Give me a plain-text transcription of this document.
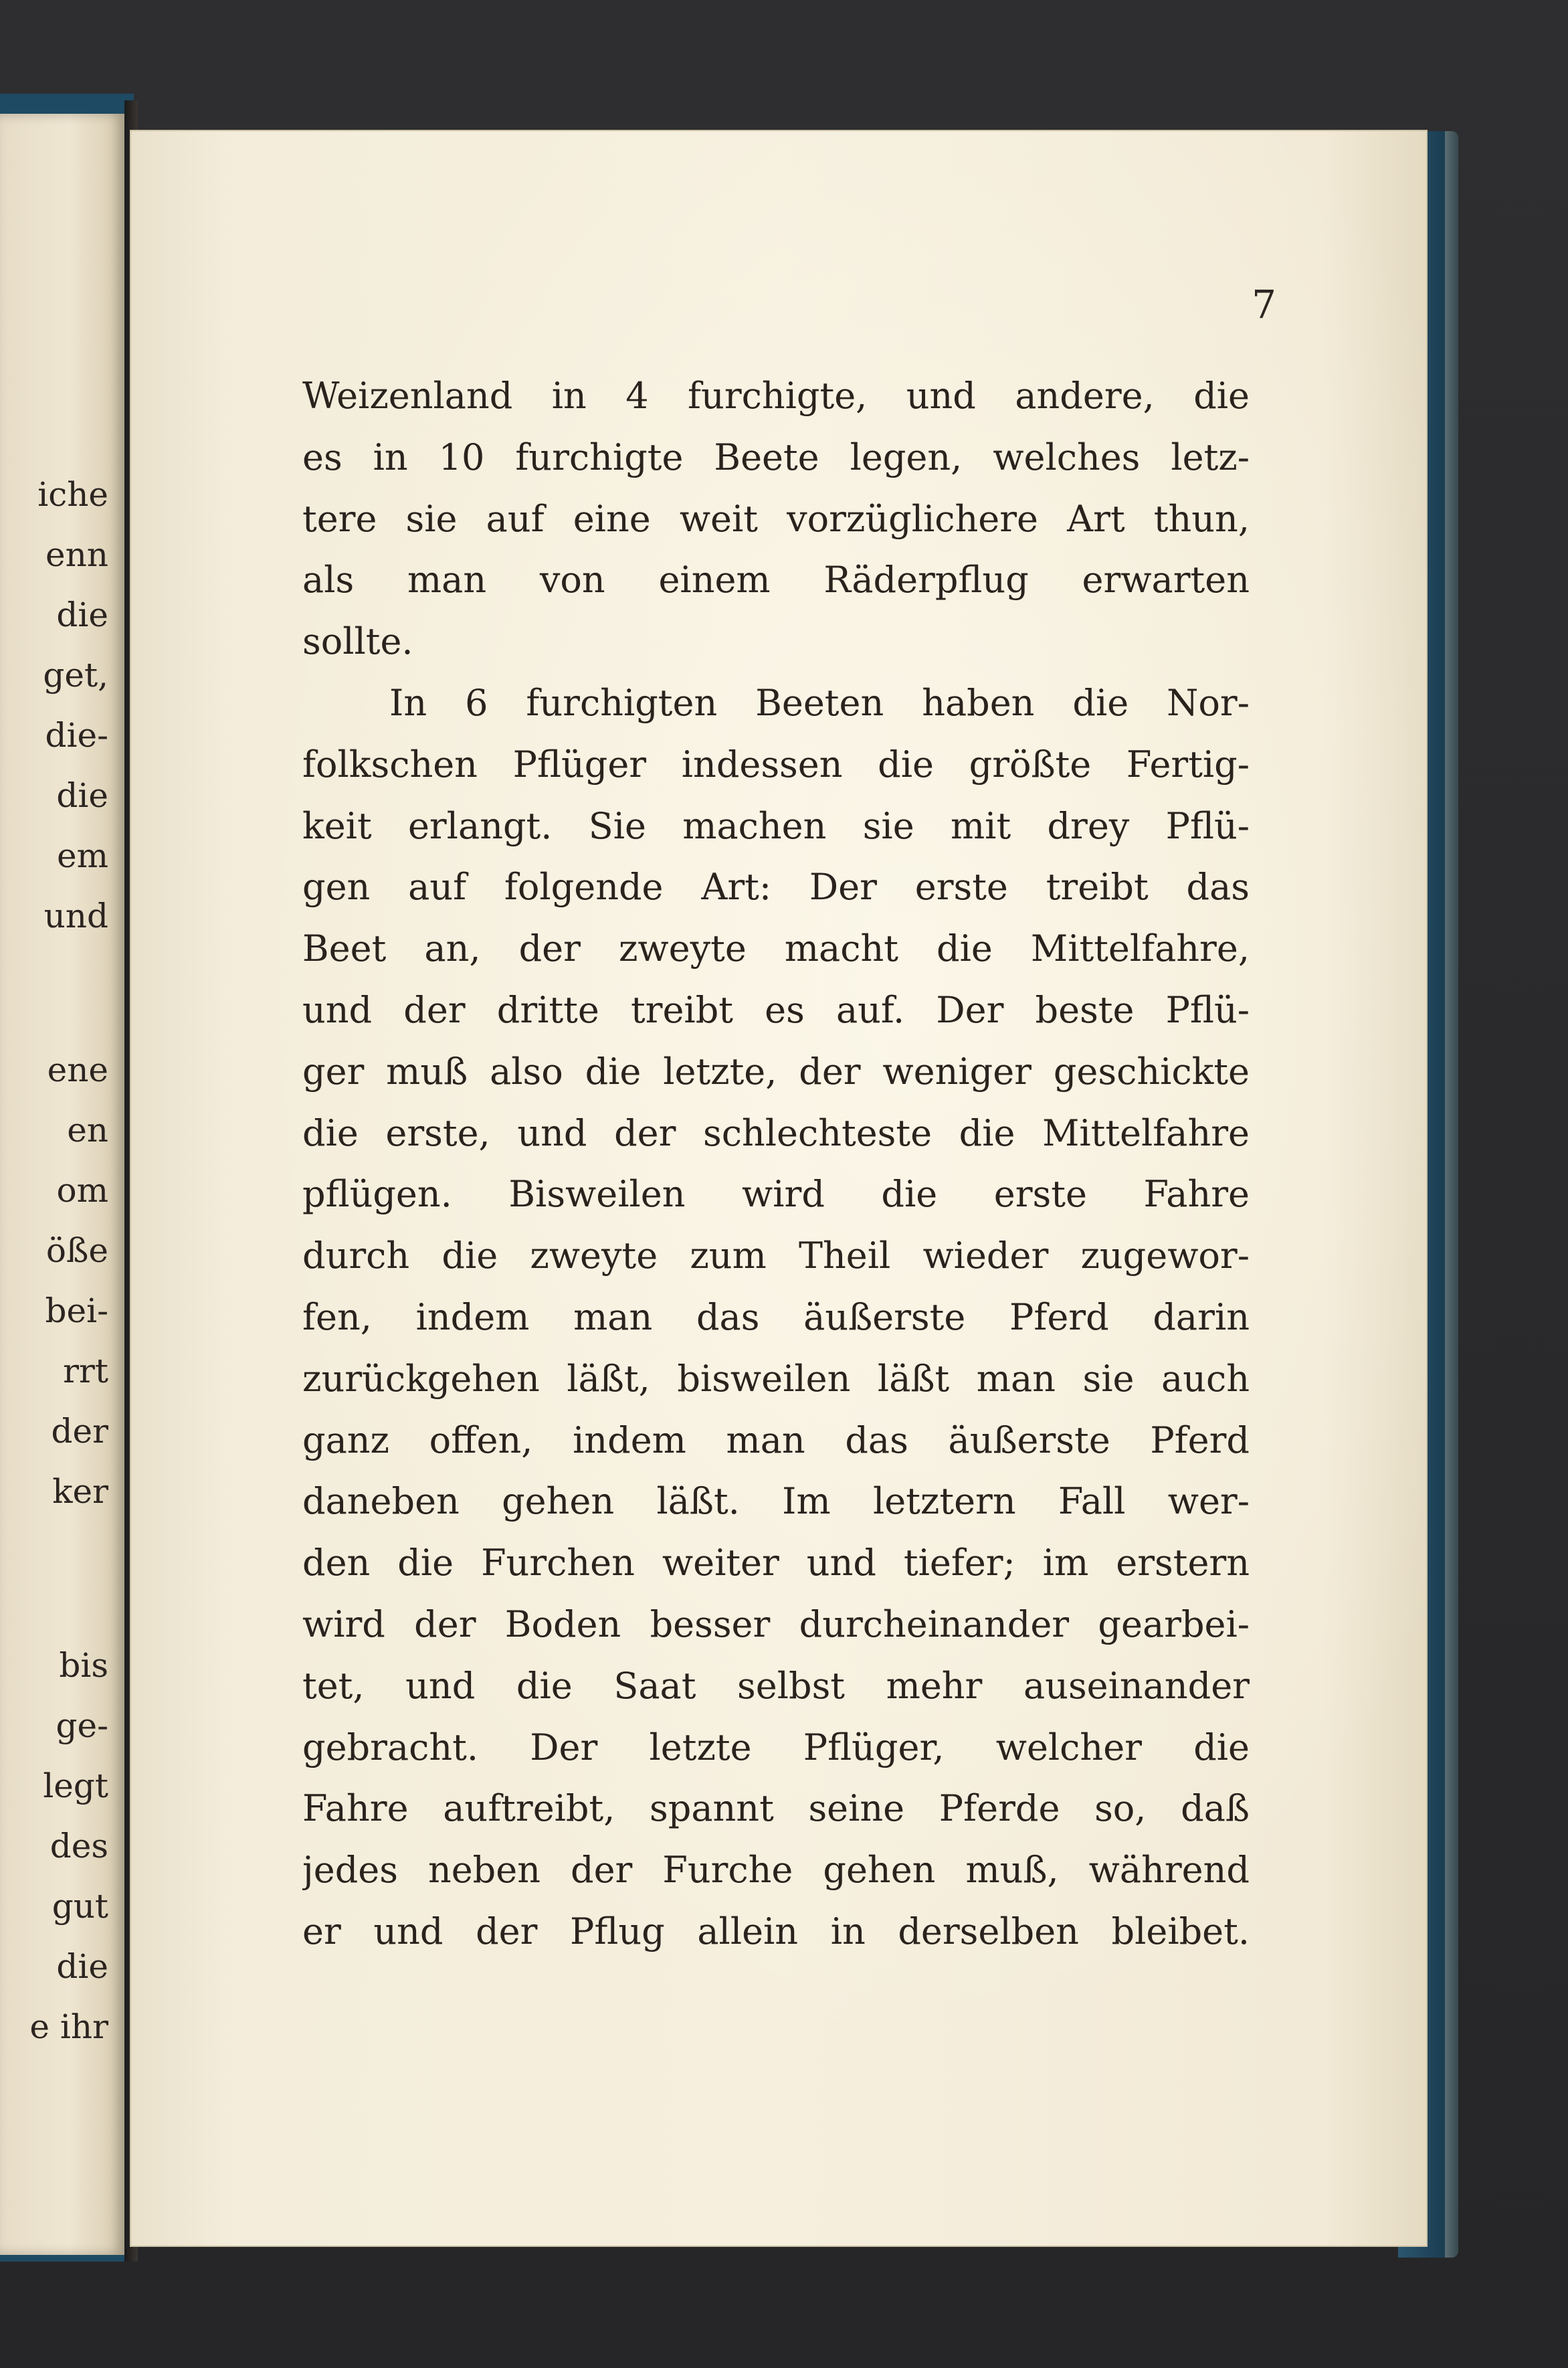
iche
enn
die
get,
die-
die
em
und
ene
en
om
öße
bei-
rrt
der
ker
bis
ge-
legt
des
gut
die
e ihr
7
Weizenland in 4 furchigte, und andere, die
es in 10 furchigte Beete legen, welches letz-
tere sie auf eine weit vorzüglichere Art thun,
als man von einem Räderpflug erwarten
sollte.
In 6 furchigten Beeten haben die Nor-
folkschen Pflüger indessen die größte Fertig-
keit erlangt. Sie machen sie mit drey Pflü-
gen auf folgende Art: Der erste treibt das
Beet an, der zweyte macht die Mittelfahre,
und der dritte treibt es auf. Der beste Pflü-
ger muß also die letzte, der weniger geschickte
die erste, und der schlechteste die Mittelfahre
pflügen. Bisweilen wird die erste Fahre
durch die zweyte zum Theil wieder zugewor-
fen, indem man das äußerste Pferd darin
zurückgehen läßt, bisweilen läßt man sie auch
ganz offen, indem man das äußerste Pferd
daneben gehen läßt. Im letztern Fall wer-
den die Furchen weiter und tiefer; im erstern
wird der Boden besser durcheinander gearbei-
tet, und die Saat selbst mehr auseinander
gebracht. Der letzte Pflüger, welcher die
Fahre auftreibt, spannt seine Pferde so, daß
jedes neben der Furche gehen muß, während
er und der Pflug allein in derselben bleibet.
